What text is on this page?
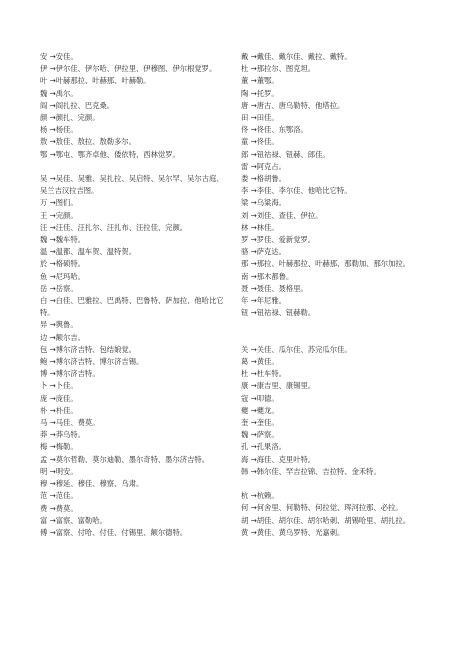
安 →安佳。
伊 →伊尔佳、伊尔哈、伊拉里、伊穆图、伊尔根觉罗。
叶 →叶赫那拉、叶赫那、叶赫勒。
魏 →禹尔。
阎 →阎扎拉、巴克桑。
颜 →颜扎、完颜。
杨 →杨佳。
敖 →敖佳、敖拉、敖勒多尔。
鄂 →鄂屯、鄂齐卓他、倭依特、西林觉罗。
吴 →吴佳、吴雅、吴扎拉、吴启特、吴尔罕、吴尔古庭、吴兰吉汉拉吉图。
万 →图们。
王 →完颜。
汪 →汪佳、汪扎尔、汪扎布、汪拉佳、完颜。
魏 →魏车特。
温 →温都、温车贺、温特贺。
於 →格硕特。
鱼 →尼玛哈。
岳 →岳察。
白 →白佳、巴雅拉、巴禹特、巴鲁特、萨加拉、他哈比它特。
异 →舆鲁。
边 →额尔吉。
包 →博尔济吉特、包结娘觉。
鲍 →博尔济吉特、博尔济吉锡。
博 →博尔济吉特。
卜 →卜佳。
庞 →庞佳。
朴 →朴佳。
马 →马佳、费莫。
莽 →莽乌特。
梅 →梅勒。
孟 →莫尔哲勒、莫尔迪勒、墨尔奇特、墨尔济吉特。
明 →明安。
穆 →穆延、穆佳、穆察、乌肃。
范 →范佳。
费 →费莫。
富 →富察、富勒哈。
傅 →富察、付哈、付佳、付锡里、额尔德特。
戴 →戴佳、戴尔佳、戴拉、戴特。
杜 →那拉尔、图克坦。
董 →董鄂。
陶 →托罗。
唐 →唐古、唐乌勒特、他塔拉。
田 →田佳。
佟 →佟佳、东鄂洛。
童 →佟佳。
郎 →钮祜禄、钮赫、郎佳。
雷 →阿克占。
娄 →格胡鲁。
李 →李佳、李尔佳、他哈比它特。
梁 →乌粱海。
刘 →刘佳、查佳、伊拉。
林 →林佳。
罗 →罗佳、爱新觉罗。
骆 →萨克达。
那 →那拉、叶赫那拉、叶赫那、那勒加、那尔加拉。
南 →那木都鲁。
聂 →聂佳、聂格里。
年 →年尼雅。
钮 →钮祜禄、钮赫勒。
关 →关佳、瓜尔佳、苏完瓜尔佳。
葛 →黄佳。
杜 →杜车特。
康 →康吉里、康锡里。
寇 →叩德。
夔 →夔龙。
奎 →奎佳。
魏 →萨察。
孔 →孔果洛。
海 →海佳、克里叶特。
韩 →韩尔佳、罕吉拉锦、吉拉特、金禾特。
杭 →杭赖。
何 →何舍里、何勒特、何拉觉、珲河拉那、必拉。
胡 →胡佳、胡尔佳、胡尔哈刺、胡锡哈里、胡扎拉。
黄 →黄佳、黄乌罗特、光嘉刺。
